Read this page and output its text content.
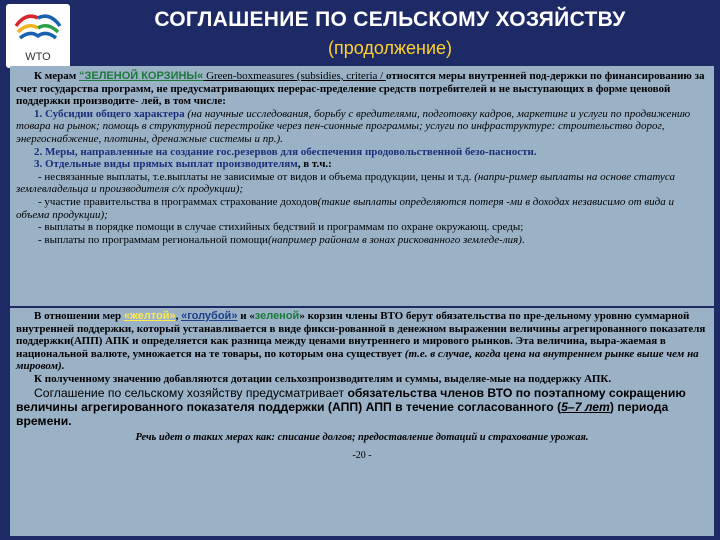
WTO
СОГЛАШЕНИЕ ПО СЕЛЬСКОМУ ХОЗЯЙСТВУ
(продолжение)

К мерам “ЗЕЛЕНОЙ КОРЗИНЫ« Green-boxmeasures (subsidies, criteria / относятся меры внутренней под-держки по финансированию за счет государства программ, не предусматривающих перерас-пределение средств потребителей и не выступающих в форме ценовой поддержки производите- лей, в том числе:

1. Субсидии общего характера (на научные исследования, борьбу с вредителями, подготовку кадров, маркетинг и услуги по продвижению товара на рынок; помощь в структурной перестройке через пен-сионные программы; услуги по инфраструктуре: строительство дорог, энергоснабжение, плотины, дренажные системы и пр.).

2. Меры, направленные на создание гос.резервов для обеспечения продовольственной безо-пасности.

3. Отдельные виды прямых выплат производителям, в т.ч.:

- несвязанные выплаты, т.е.выплаты не зависимые от видов и объема продукции, цены и т.д. (напри-ример выплаты на основе статуса землевладельца и производителя с/х продукции);

- участие правительства в программах страхование доходов(такие выплаты определяются потеря -ми в доходах независимо от вида и объема продукции);

- выплаты в порядке помощи в случае стихийных бедствий и программам по охране окружающ. среды;

- выплаты по программам региональной помощи(например районам в зонах рискованного земледе-лия).

В отношении мер «желтой», «голубой» и «зеленой» корзин члены ВТО берут обязательства по пре-дельному уровню суммарной внутренней поддержки, который устанавливается в виде фикси-рованной в денежном выражении величины агрегированного показателя поддержки(АПП) АПК и определяется как разница между ценами внутреннего и мирового рынков. Эта величина, выра-жаемая в национальной валюте, умножается на те товары, по которым она существует (т.е. в случае, когда цена на внутреннем рынке выше чем на мировом).

К полученному значению добавляются дотации сельхозпроизводителям и суммы, выделяе-мые на поддержку АПК.

Соглашение по сельскому хозяйству предусматривает обязательства членов ВТО по поэтапному сокращению величины агрегированного показателя поддержки (АПП) АПП в течение согласованного (5–7 лет) периода времени.

Речь идет о таких мерах как: списание долгов; предоставление дотаций и страхование урожая.

-20 -
